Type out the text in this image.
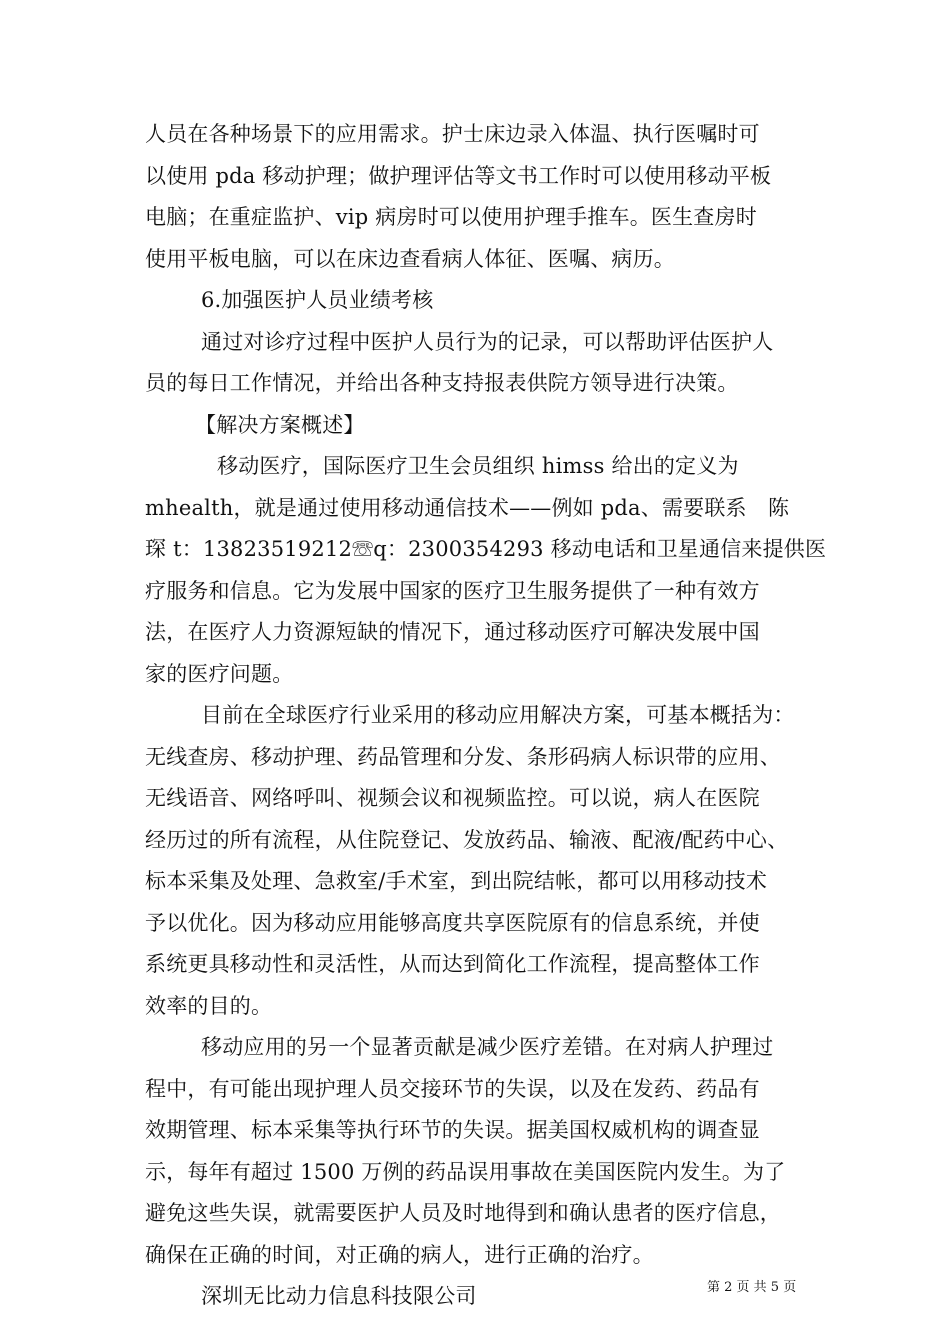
人员在各种场景下的应用需求。护士床边录入体温、执行医嘱时可
以使用 pda 移动护理；做护理评估等文书工作时可以使用移动平板
电脑；在重症监护、vip 病房时可以使用护理手推车。医生查房时
使用平板电脑，可以在床边查看病人体征、医嘱、病历。

6.加强医护人员业绩考核

通过对诊疗过程中医护人员行为的记录，可以帮助评估医护人
员的每日工作情况，并给出各种支持报表供院方领导进行决策。

【解决方案概述】

移动医疗，国际医疗卫生会员组织 himss 给出的定义为
mhealth，就是通过使用移动通信技术——例如 pda、需要联系　陈
琛 t：13823519212☏q：2300354293 移动电话和卫星通信来提供医
疗服务和信息。它为发展中国家的医疗卫生服务提供了一种有效方
法，在医疗人力资源短缺的情况下，通过移动医疗可解决发展中国
家的医疗问题。

目前在全球医疗行业采用的移动应用解决方案，可基本概括为：
无线查房、移动护理、药品管理和分发、条形码病人标识带的应用、
无线语音、网络呼叫、视频会议和视频监控。可以说，病人在医院
经历过的所有流程，从住院登记、发放药品、输液、配液/配药中心、
标本采集及处理、急救室/手术室，到出院结帐，都可以用移动技术
予以优化。因为移动应用能够高度共享医院原有的信息系统，并使
系统更具移动性和灵活性，从而达到简化工作流程，提高整体工作
效率的目的。

移动应用的另一个显著贡献是减少医疗差错。在对病人护理过
程中，有可能出现护理人员交接环节的失误，以及在发药、药品有
效期管理、标本采集等执行环节的失误。据美国权威机构的调查显
示，每年有超过 1500 万例的药品误用事故在美国医院内发生。为了
避免这些失误，就需要医护人员及时地得到和确认患者的医疗信息，
确保在正确的时间，对正确的病人，进行正确的治疗。

深圳无比动力信息科技限公司	第 2 页 共 5 页
